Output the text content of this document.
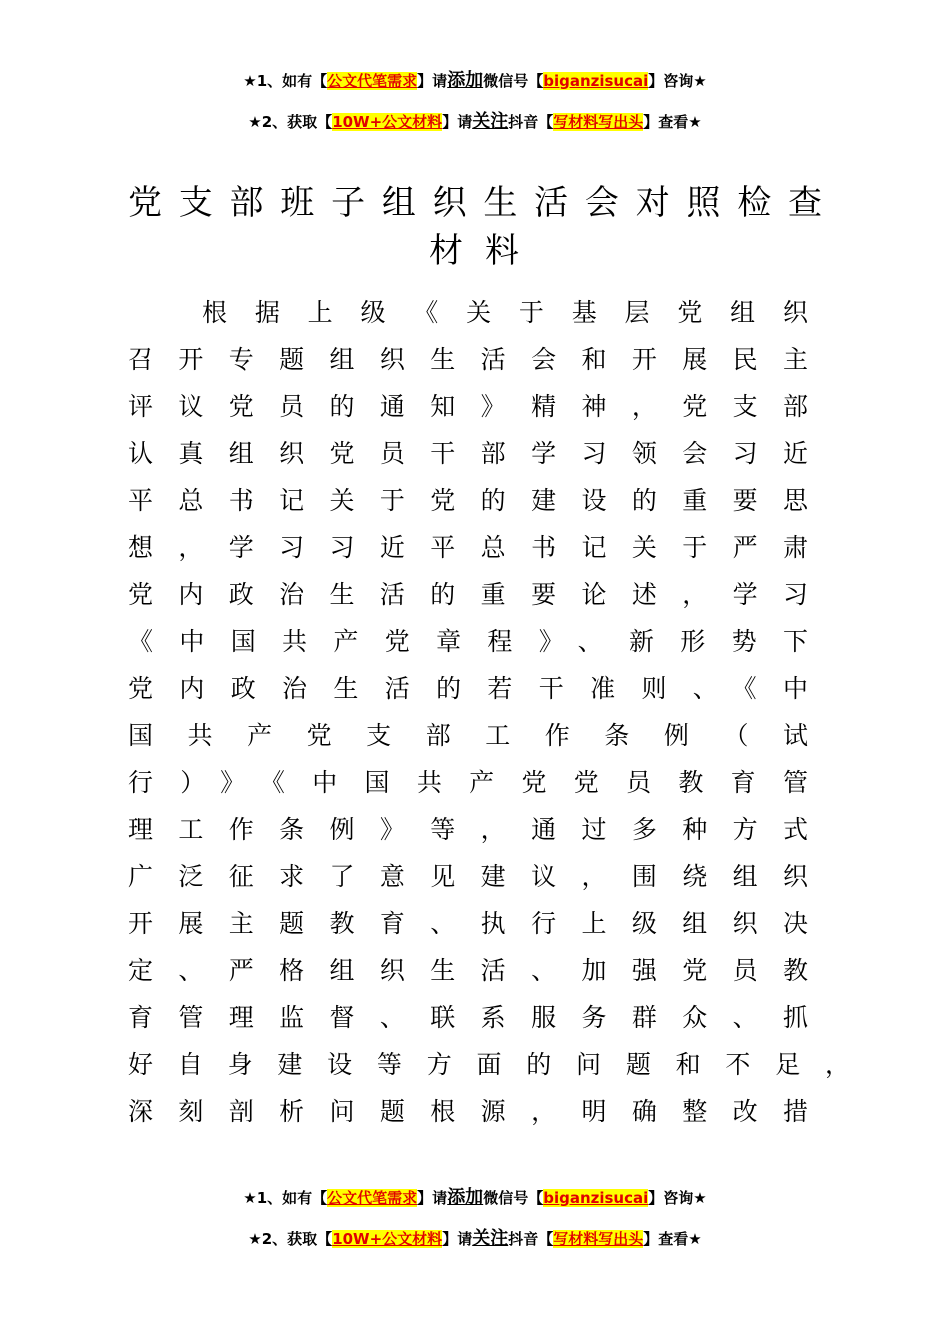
★1、如有【公文代笔需求】请添加微信号【biganzisucai】咨询★
★2、获取【10W+公文材料】请关注抖音【写材料写出头】查看★
党支部班子组织生活会对照检查
材料
根据上级《关于基层党组织
召开专题组织生活会和开展民主
评议党员的通知》精神，党支部
认真组织党员干部学习领会习近
平总书记关于党的建设的重要思
想，学习习近平总书记关于严肃
党内政治生活的重要论述，学习
《中国共产党章程》、新形势下
党内政治生活的若干准则、《中
国共产党支部工作条例（试
行）》《中国共产党党员教育管
理工作条例》等，通过多种方式
广泛征求了意见建议，围绕组织
开展主题教育、执行上级组织决
定、严格组织生活、加强党员教
育管理监督、联系服务群众、抓
好自身建设等方面的问题和不足，
深刻剖析问题根源，明确整改措
★1、如有【公文代笔需求】请添加微信号【biganzisucai】咨询★
★2、获取【10W+公文材料】请关注抖音【写材料写出头】查看★
